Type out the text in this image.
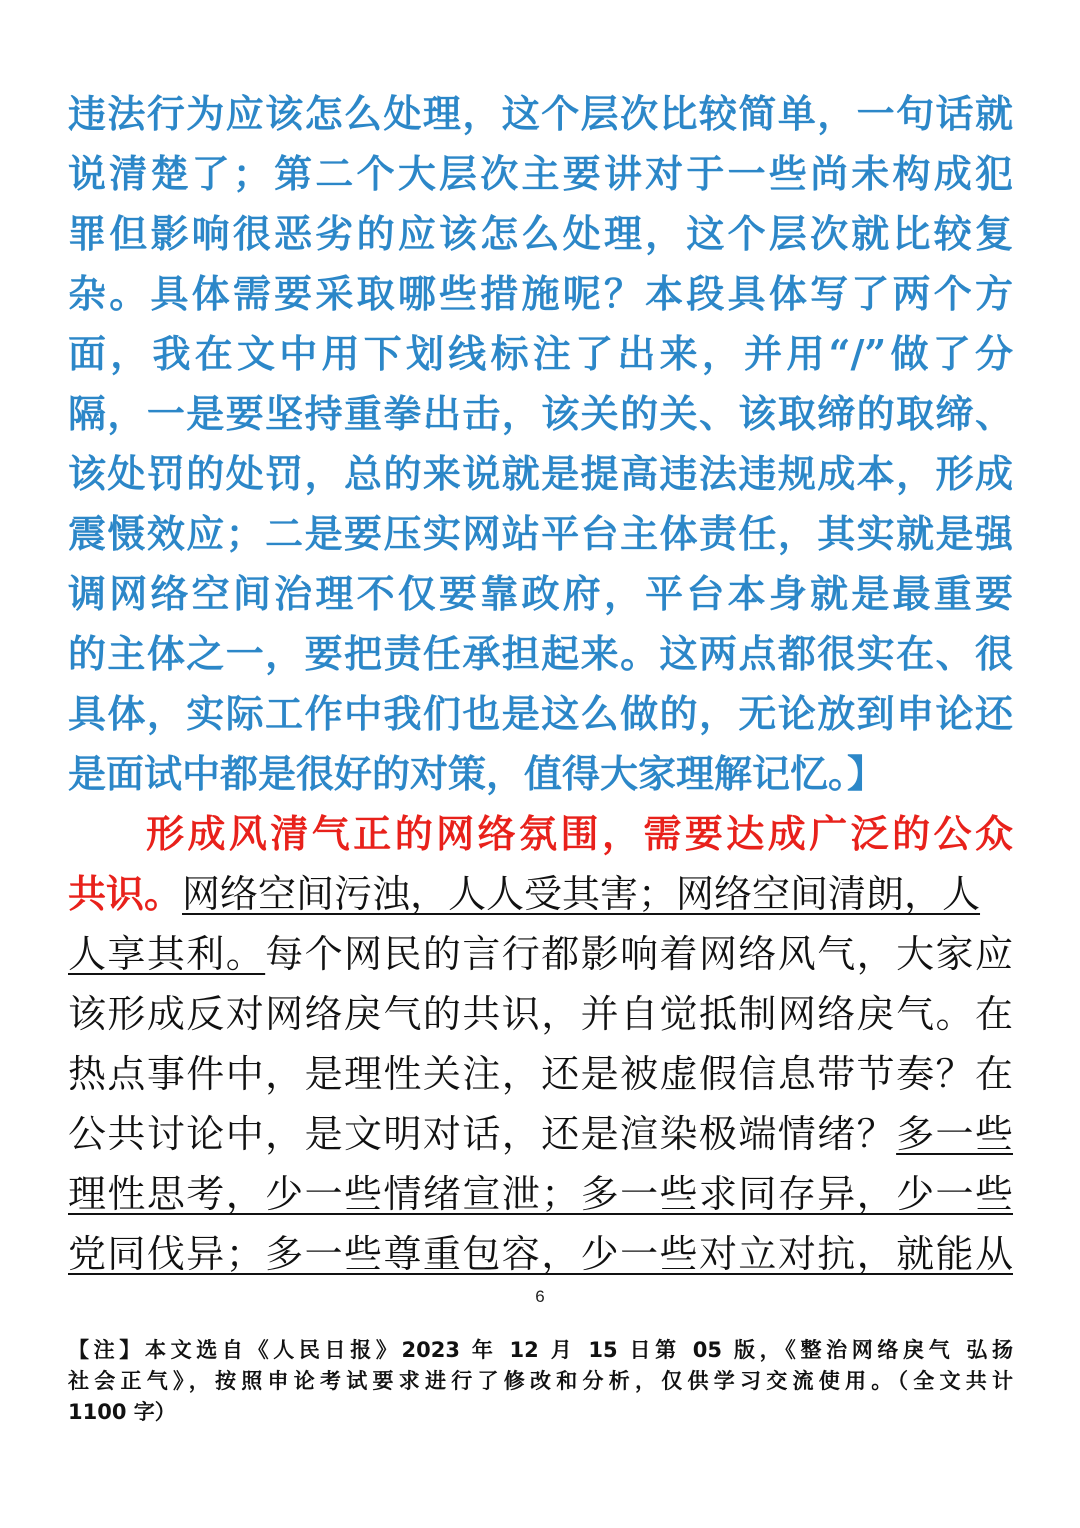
违法行为应该怎么处理，这个层次比较简单，一句话就
说清楚了；第二个大层次主要讲对于一些尚未构成犯
罪但影响很恶劣的应该怎么处理，这个层次就比较复
杂。具体需要采取哪些措施呢？本段具体写了两个方
面，我在文中用下划线标注了出来，并用“/”做了分
隔，一是要坚持重拳出击，该关的关、该取缔的取缔、
该处罚的处罚，总的来说就是提高违法违规成本，形成
震慑效应；二是要压实网站平台主体责任，其实就是强
调网络空间治理不仅要靠政府，平台本身就是最重要
的主体之一，要把责任承担起来。这两点都很实在、很
具体，实际工作中我们也是这么做的，无论放到申论还
是面试中都是很好的对策，值得大家理解记忆。】
形成风清气正的网络氛围，需要达成广泛的公众
共识。网络空间污浊，人人受其害；网络空间清朗，人
人享其利。每个网民的言行都影响着网络风气，大家应
该形成反对网络戾气的共识，并自觉抵制网络戾气。在
热点事件中，是理性关注，还是被虚假信息带节奏？在
公共讨论中，是文明对话，还是渲染极端情绪？多一些
理性思考，少一些情绪宣泄；多一些求同存异，少一些
党同伐异；多一些尊重包容，少一些对立对抗，就能从
6
【注】本文选自《人民日报》2023 年 12 月 15 日第 05 版，《整治网络戾气 弘扬
社会正气》，按照申论考试要求进行了修改和分析，仅供学习交流使用。（全文共计
1100 字）
